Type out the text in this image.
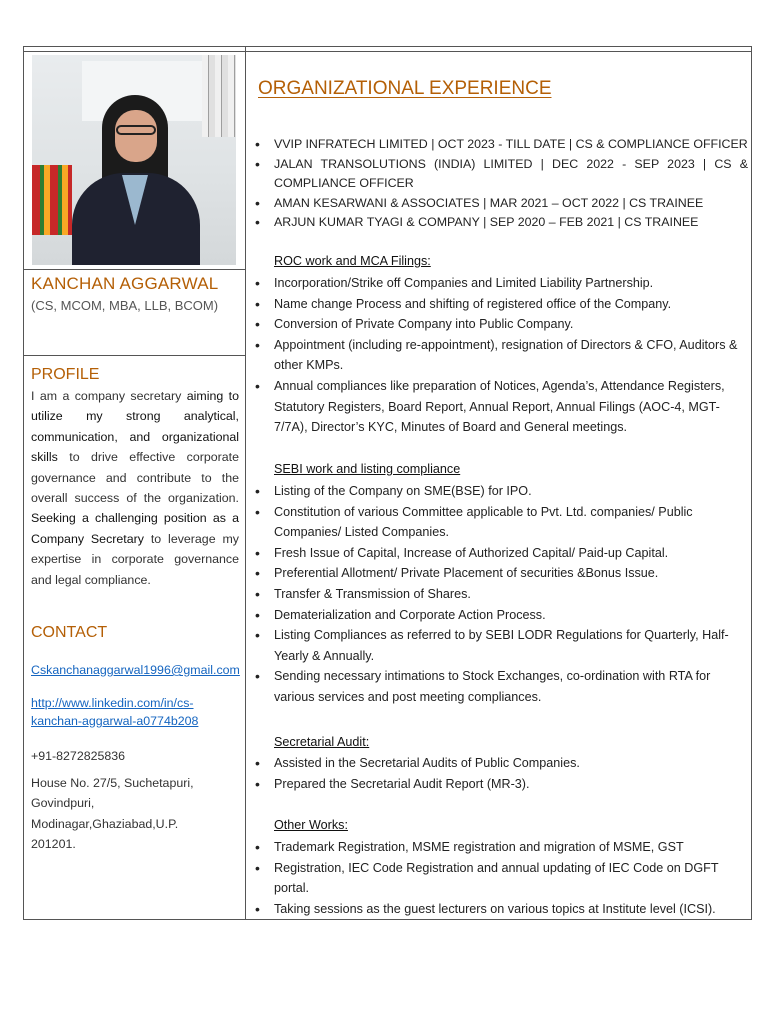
KANCHAN AGGARWAL
(CS, MCOM, MBA, LLB, BCOM)
PROFILE
I am a company secretary aiming to utilize my strong analytical, communication, and organizational skills to drive effective corporate governance and contribute to the overall success of the organization. Seeking a challenging position as a Company Secretary to leverage my expertise in corporate governance and legal compliance.
CONTACT
Cskanchanaggarwal1996@gmail.com
http://www.linkedin.com/in/cs-
kanchan-aggarwal-a0774b208
+91-8272825836
House No. 27/5, Suchetapuri,
Govindpuri,
Modinagar,Ghaziabad,U.P.
201201.
ORGANIZATIONAL EXPERIENCE
• VVIP INFRATECH LIMITED | OCT 2023 - TILL DATE | CS & COMPLIANCE OFFICER
• JALAN TRANSOLUTIONS (INDIA) LIMITED | DEC 2022 - SEP 2023 | CS & COMPLIANCE OFFICER
• AMAN KESARWANI & ASSOCIATES | MAR 2021 – OCT 2022 | CS TRAINEE
• ARJUN KUMAR TYAGI & COMPANY | SEP 2020 – FEB 2021 | CS TRAINEE
ROC work and MCA Filings:
• Incorporation/Strike off Companies and Limited Liability Partnership.
• Name change Process and shifting of registered office of the Company.
• Conversion of Private Company into Public Company.
• Appointment (including re-appointment), resignation of Directors & CFO, Auditors & other KMPs.
• Annual compliances like preparation of Notices, Agenda’s, Attendance Registers, Statutory Registers, Board Report, Annual Report, Annual Filings (AOC-4, MGT-7/7A), Director’s KYC, Minutes of Board and General meetings.
SEBI work and listing compliance
• Listing of the Company on SME(BSE) for IPO.
• Constitution of various Committee applicable to Pvt. Ltd. companies/ Public Companies/ Listed Companies.
• Fresh Issue of Capital, Increase of Authorized Capital/ Paid-up Capital.
• Preferential Allotment/ Private Placement of securities &Bonus Issue.
• Transfer & Transmission of Shares.
• Dematerialization and Corporate Action Process.
• Listing Compliances as referred to by SEBI LODR Regulations for Quarterly, Half- Yearly & Annually.
• Sending necessary intimations to Stock Exchanges, co-ordination with RTA for various services and post meeting compliances.
Secretarial Audit:
• Assisted in the Secretarial Audits of Public Companies.
• Prepared the Secretarial Audit Report (MR-3).
Other Works:
• Trademark Registration, MSME registration and migration of MSME, GST
• Registration, IEC Code Registration and annual updating of IEC Code on DGFT portal.
• Taking sessions as the guest lecturers on various topics at Institute level (ICSI).
